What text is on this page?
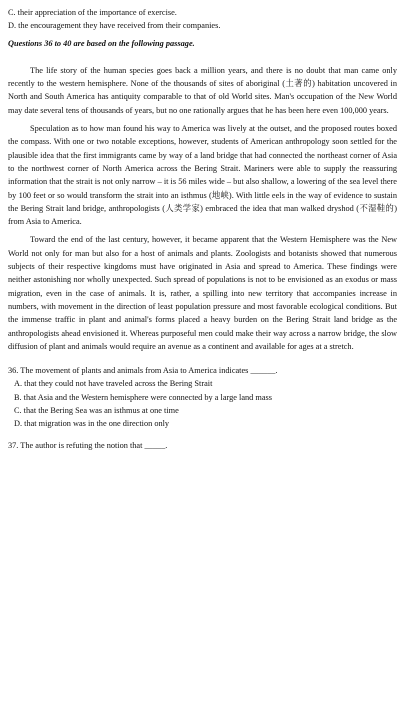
C. their appreciation of the importance of exercise.
D. the encouragement they have received from their companies.
Questions 36 to 40 are based on the following passage.

The life story of the human species goes back a million years, and there is no doubt that man came only recently to the western hemisphere. None of the thousands of sites of aboriginal (土著的) habitation uncovered in North and South America has antiquity comparable to that of old World sites. Man's occupation of the New World may date several tens of thousands of years, but no one rationally argues that he has been here even 100,000 years.

Speculation as to how man found his way to America was lively at the outset, and the proposed routes boxed the compass. With one or two notable exceptions, however, students of American anthropology soon settled for the plausible idea that the first immigrants came by way of a land bridge that had connected the northeast corner of Asia to the northwest corner of North America across the Bering Strait. Mariners were able to supply the reassuring information that the strait is not only narrow – it is 56 miles wide – but also shallow, a lowering of the sea level there by 100 feet or so would transform the strait into an isthmus (地峡). With little eels in the way of evidence to sustain the Bering Strait land bridge, anthropologists (人类学家) embraced the idea that man walked dryshod (不湿鞋的) from Asia to America.

Toward the end of the last century, however, it became apparent that the Western Hemisphere was the New World not only for man but also for a host of animals and plants. Zoologists and botanists showed that numerous subjects of their respective kingdoms must have originated in Asia and spread to America. These findings were neither astonishing nor wholly unexpected. Such spread of populations is not to be envisioned as an exodus or mass migration, even in the case of animals. It is, rather, a spilling into new territory that accompanies increase in numbers, with movement in the direction of least population pressure and most favorable ecological conditions. But the immense traffic in plant and animal's forms placed a heavy burden on the Bering Strait land bridge as the anthropologists ahead envisioned it. Whereas purposeful men could make their way across a narrow bridge, the slow diffusion of plant and animals would require an avenue as a continent and available for ages at a stretch.

36. The movement of plants and animals from Asia to America indicates ______.
A. that they could not have traveled across the Bering Strait
B. that Asia and the Western hemisphere were connected by a large land mass
C. that the Bering Sea was an isthmus at one time
D. that migration was in the one direction only
37. The author is refuting the notion that _____.
